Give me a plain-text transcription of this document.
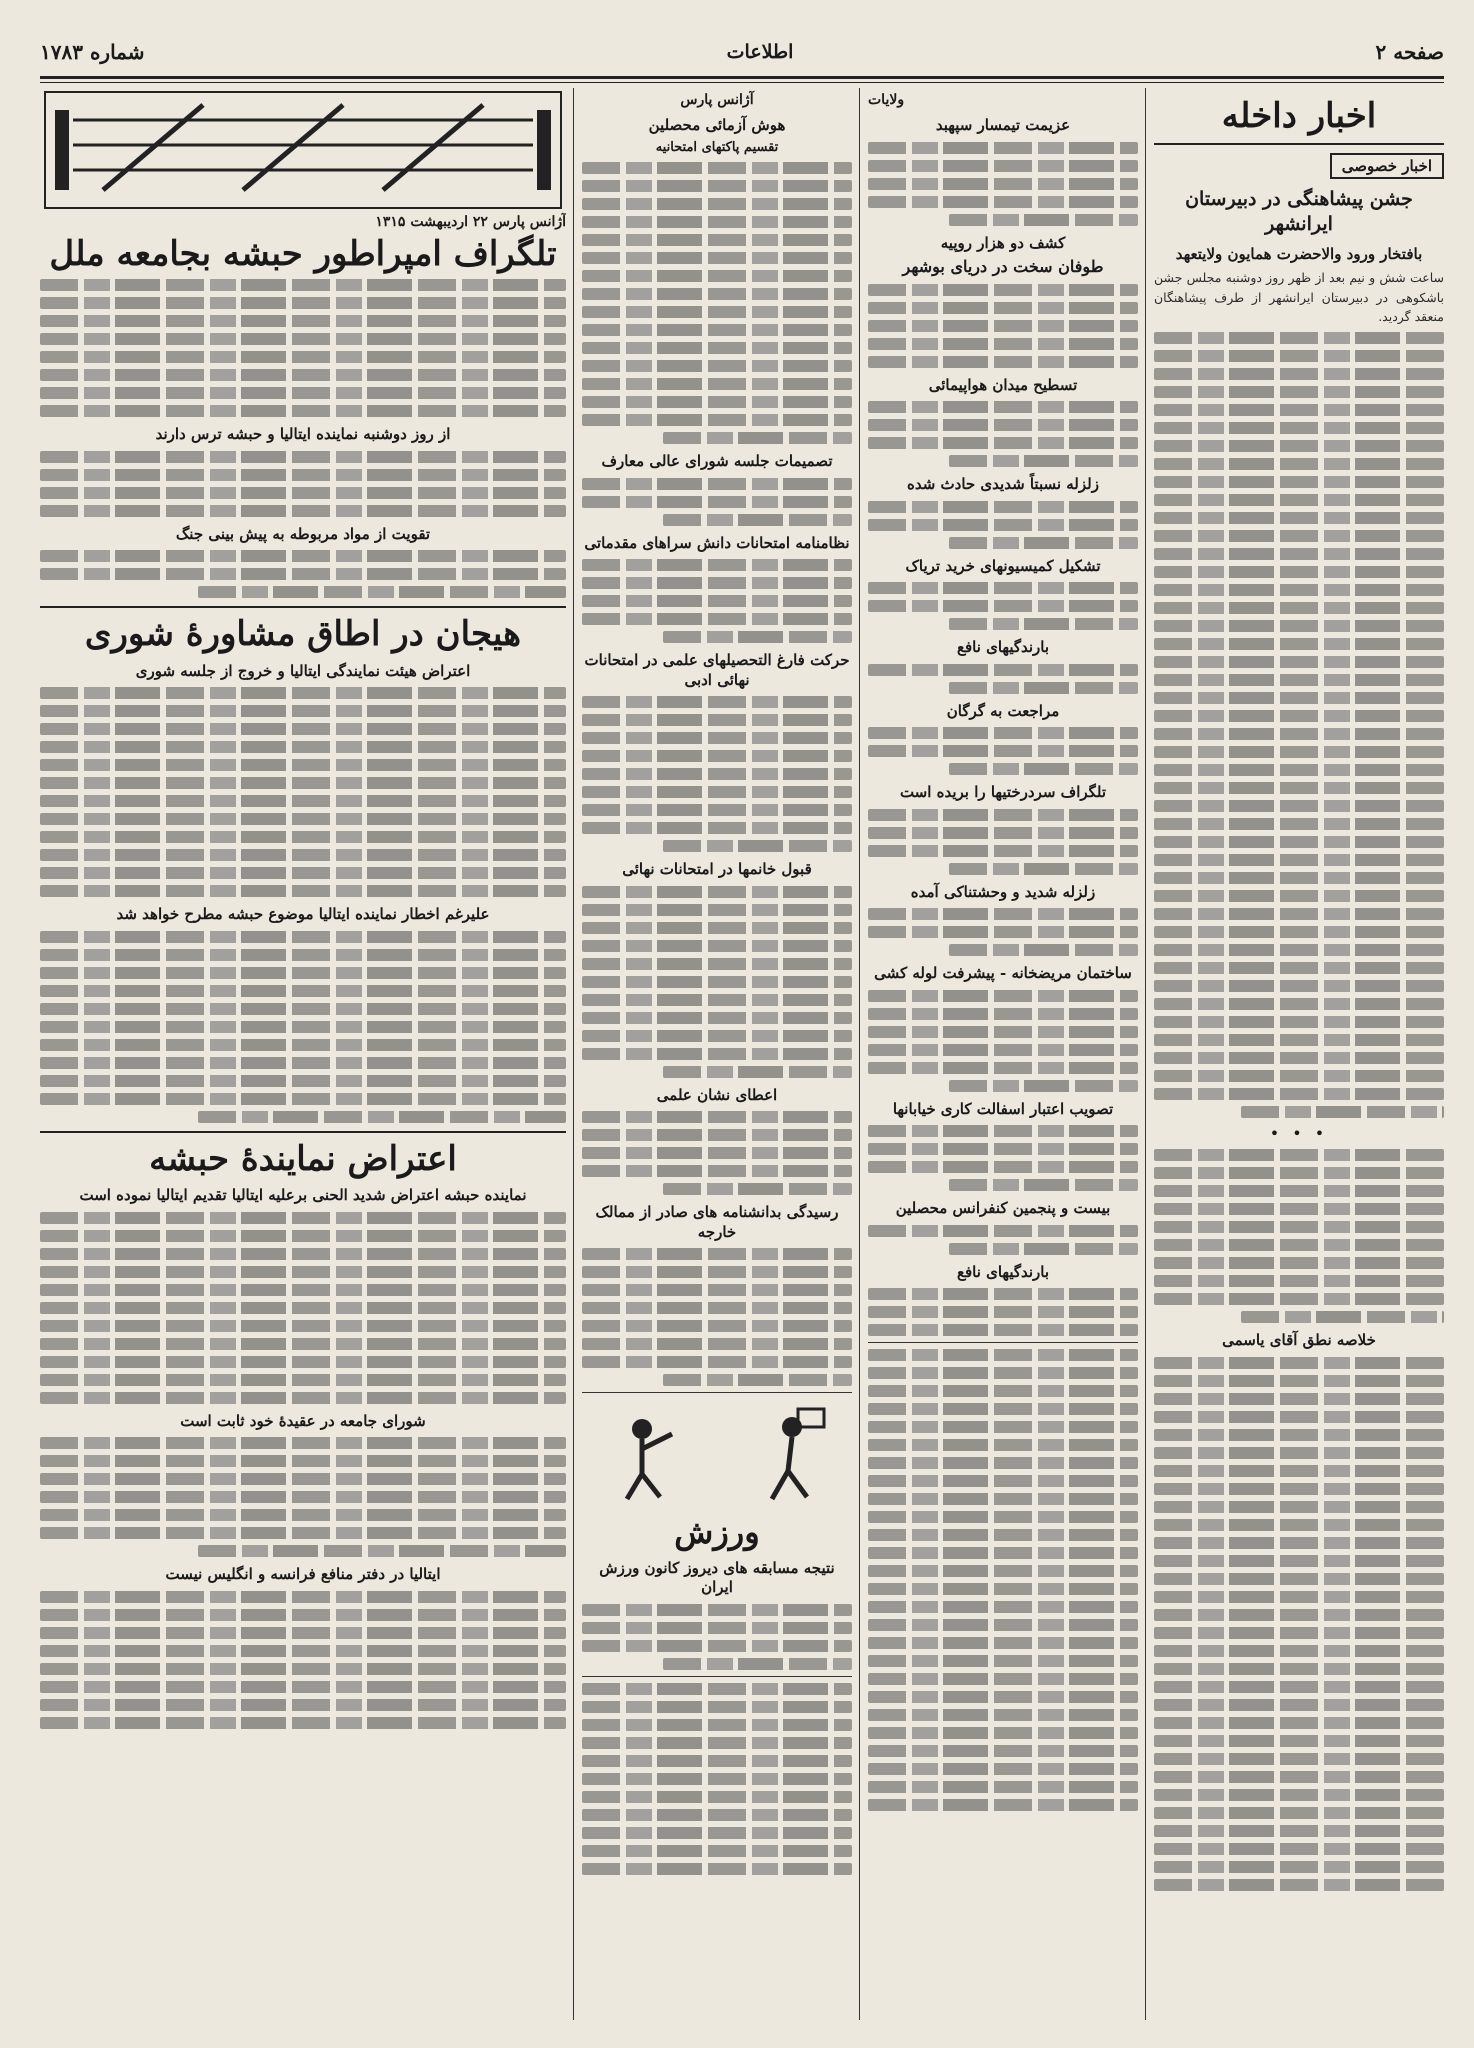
صفحه ۲
اطلاعات
شماره ۱۷۸۳
اخبار داخله
اخبار خصوصی
جشن پیشاهنگی در دبیرستان ایرانشهر
بافتخار ورود والاحضرت همایون ولایتعهد

ساعت شش و نیم بعد از ظهر روز دوشنبه مجلس جشن باشکوهی در دبیرستان ایرانشهر از طرف پیشاهنگان منعقد گردید.

• • •
خلاصه نطق آقای یاسمی
ولایات
عزیمت تیمسار سپهبد
کشف دو هزار روپیه
طوفان سخت در دریای بوشهر
تسطیح میدان هواپیمائی
زلزله نسبتاً شدیدی حادث شده
تشکیل کمیسیونهای خرید تریاک
بارندگیهای نافع
مراجعت به گرگان
تلگراف سردرختیها را بریده است
زلزله شدید و وحشتناکی آمده
ساختمان مریضخانه - پیشرفت لوله کشی
تصویب اعتبار اسفالت کاری خیابانها
بیست و پنجمین کنفرانس محصلین
بارندگیهای نافع
آژانس پارس
هوش آزمائی محصلین
تقسیم پاکتهای امتحانیه
تصمیمات جلسه شورای عالی معارف
نظامنامه امتحانات دانش سراهای مقدماتی
حرکت فارغ التحصیلهای علمی در امتحانات نهائی ادبی
قبول خانمها در امتحانات نهائی
اعطای نشان علمی
رسیدگی بدانشنامه های صادر از ممالک خارجه
ورزش
نتیجه مسابقه های دیروز کانون ورزش ایران
آژانس پارس ۲۲ اردیبهشت ۱۳۱۵
تلگراف امپراطور حبشه بجامعه ملل
از روز دوشنبه نماینده ایتالیا و حبشه ترس دارند
تقویت از مواد مربوطه به پیش بینی جنگ
هیجان در اطاق مشاورهٔ شوری
اعتراض هیئت نمایندگی ایتالیا و خروج از جلسه شوری
علیرغم اخطار نماینده ایتالیا موضوع حبشه مطرح خواهد شد
اعتراض نمایندهٔ حبشه
نماینده حبشه اعتراض شدید الحنی برعلیه ایتالیا تقدیم ایتالیا نموده است
شورای جامعه در عقیدهٔ خود ثابت است
ایتالیا در دفتر منافع فرانسه و انگلیس نیست
